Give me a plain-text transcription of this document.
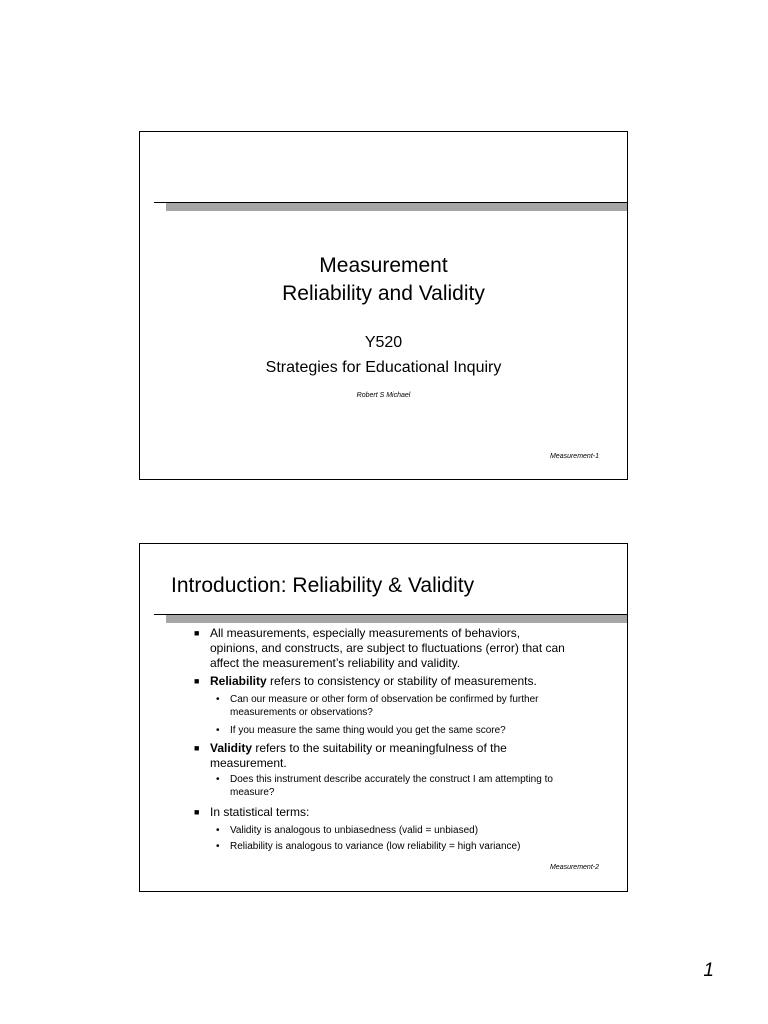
Measurement
Reliability and Validity
Y520
Strategies for Educational Inquiry
Robert S Michael
Measurement-1
Introduction: Reliability & Validity
■ All measurements, especially measurements of behaviors, opinions, and constructs, are subject to fluctuations (error) that can affect the measurement’s reliability and validity.
■ Reliability refers to consistency or stability of measurements.
• Can our measure or other form of observation be confirmed by further measurements or observations?
• If you measure the same thing would you get the same score?
■ Validity refers to the suitability or meaningfulness of the measurement.
• Does this instrument describe accurately the construct I am attempting to measure?
■ In statistical terms:
• Validity is analogous to unbiasedness (valid = unbiased)
• Reliability is analogous to variance (low reliability = high variance)
Measurement-2
1
